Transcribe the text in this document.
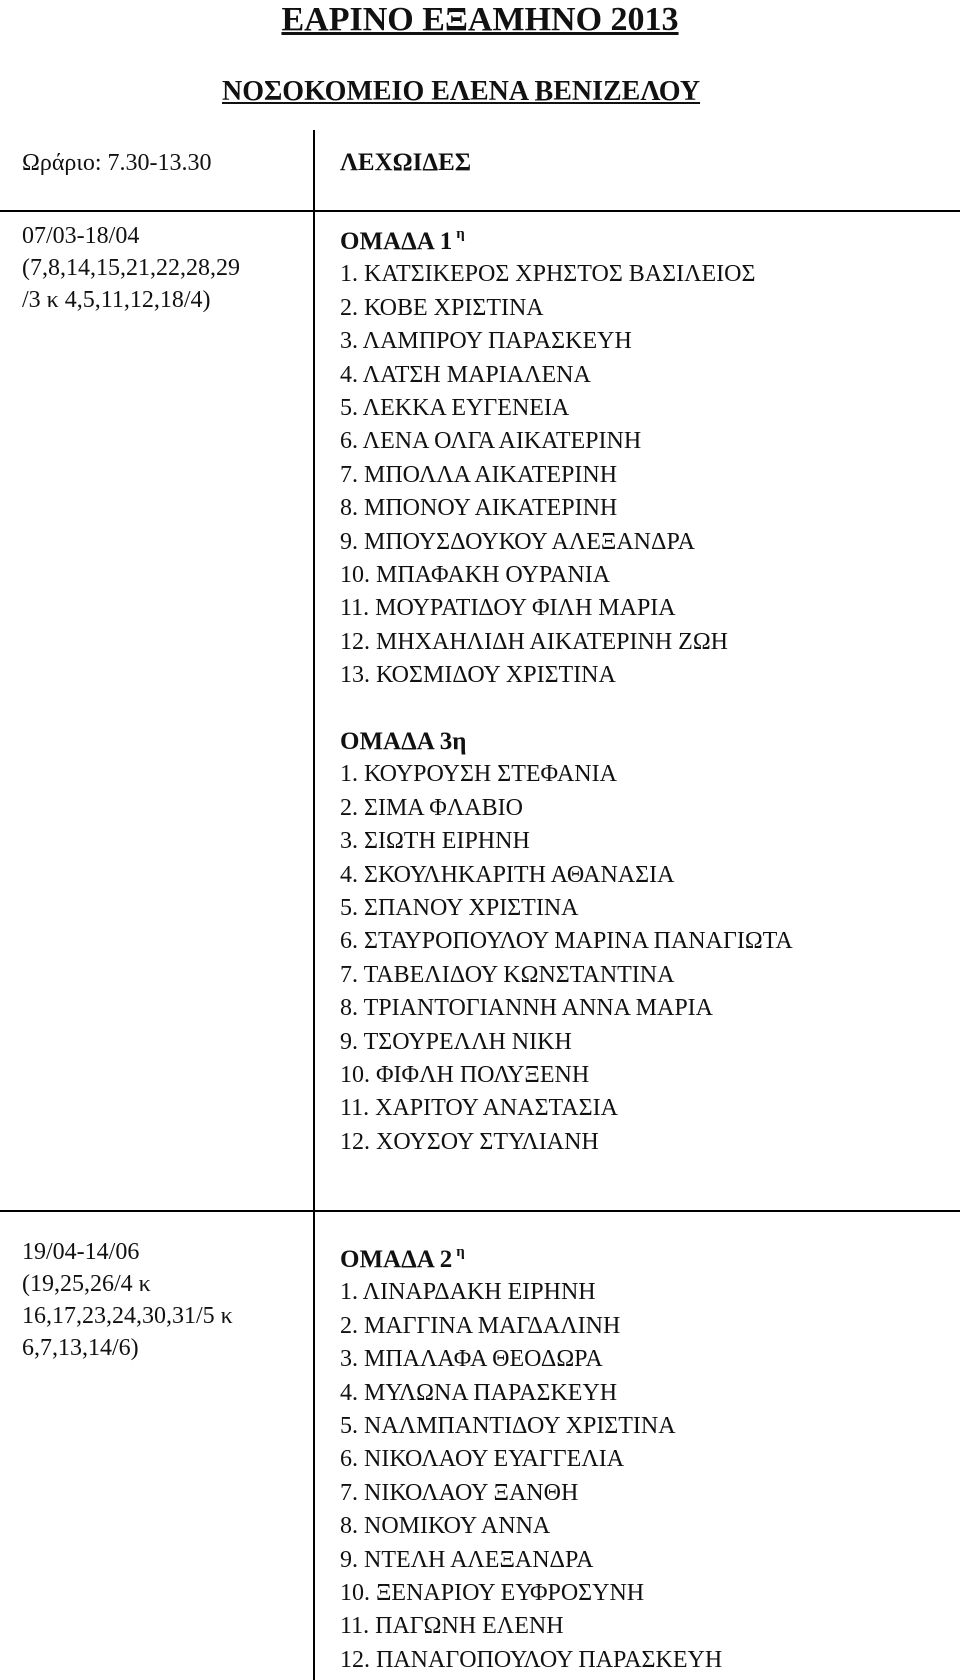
ΕΑΡΙΝΟ ΕΞΑΜΗΝΟ 2013
ΝΟΣΟΚΟΜΕΙΟ ΕΛΕΝΑ ΒΕΝΙΖΕΛΟΥ
Ωράριο: 7.30-13.30	ΛΕΧΩΙΔΕΣ
07/03-18/04
(7,8,14,15,21,22,28,29
/3 κ 4,5,11,12,18/4)
ΟΜΑΔΑ 1 $^\eta$
1. ΚΑΤΣΙΚΕΡΟΣ ΧΡΗΣΤΟΣ ΒΑΣΙΛΕΙΟΣ
2. ΚΟΒΕ ΧΡΙΣΤΙΝΑ
3. ΛΑΜΠΡΟΥ ΠΑΡΑΣΚΕΥΗ
4. ΛΑΤΣΗ ΜΑΡΙΑΛΕΝΑ
5. ΛΕΚΚΑ ΕΥΓΕΝΕΙΑ
6. ΛΕΝΑ ΟΛΓΑ ΑΙΚΑΤΕΡΙΝΗ
7. ΜΠΟΛΛΑ ΑΙΚΑΤΕΡΙΝΗ
8. ΜΠΟΝΟΥ ΑΙΚΑΤΕΡΙΝΗ
9. ΜΠΟΥΣΔΟΥΚΟΥ ΑΛΕΞΑΝΔΡΑ
10. ΜΠΑΦΑΚΗ ΟΥΡΑΝΙΑ
11. ΜΟΥΡΑΤΙΔΟΥ ΦΙΛΗ ΜΑΡΙΑ
12. ΜΗΧΑΗΛΙΔΗ ΑΙΚΑΤΕΡΙΝΗ ΖΩΗ
13. ΚΟΣΜΙΔΟΥ ΧΡΙΣΤΙΝΑ
ΟΜΑΔΑ 3η
1. ΚΟΥΡΟΥΣΗ ΣΤΕΦΑΝΙΑ
2. ΣΙΜΑ ΦΛΑΒΙΟ
3. ΣΙΩΤΗ ΕΙΡΗΝΗ
4. ΣΚΟΥΛΗΚΑΡΙΤΗ ΑΘΑΝΑΣΙΑ
5. ΣΠΑΝΟΥ ΧΡΙΣΤΙΝΑ
6. ΣΤΑΥΡΟΠΟΥΛΟΥ ΜΑΡΙΝΑ ΠΑΝΑΓΙΩΤΑ
7. ΤΑΒΕΛΙΔΟΥ ΚΩΝΣΤΑΝΤΙΝΑ
8. ΤΡΙΑΝΤΟΓΙΑΝΝΗ ΑΝΝΑ ΜΑΡΙΑ
9. ΤΣΟΥΡΕΛΛΗ ΝΙΚΗ
10. ΦΙΦΛΗ ΠΟΛΥΞΕΝΗ
11. ΧΑΡΙΤΟΥ ΑΝΑΣΤΑΣΙΑ
12. ΧΟΥΣΟΥ ΣΤΥΛΙΑΝΗ
19/04-14/06
(19,25,26/4 κ
16,17,23,24,30,31/5 κ
6,7,13,14/6)
ΟΜΑΔΑ 2 $^\eta$
1. ΛΙΝΑΡΔΑΚΗ ΕΙΡΗΝΗ
2. ΜΑΓΓΙΝΑ ΜΑΓΔΑΛΙΝΗ
3. ΜΠΑΛΑΦΑ ΘΕΟΔΩΡΑ
4. ΜΥΛΩΝΑ ΠΑΡΑΣΚΕΥΗ
5. ΝΑΛΜΠΑΝΤΙΔΟΥ ΧΡΙΣΤΙΝΑ
6. ΝΙΚΟΛΑΟΥ ΕΥΑΓΓΕΛΙΑ
7. ΝΙΚΟΛΑΟΥ ΞΑΝΘΗ
8. ΝΟΜΙΚΟΥ ΑΝΝΑ
9. ΝΤΕΛΗ ΑΛΕΞΑΝΔΡΑ
10. ΞΕΝΑΡΙΟΥ ΕΥΦΡΟΣΥΝΗ
11. ΠΑΓΩΝΗ ΕΛΕΝΗ
12. ΠΑΝΑΓΟΠΟΥΛΟΥ ΠΑΡΑΣΚΕΥΗ
